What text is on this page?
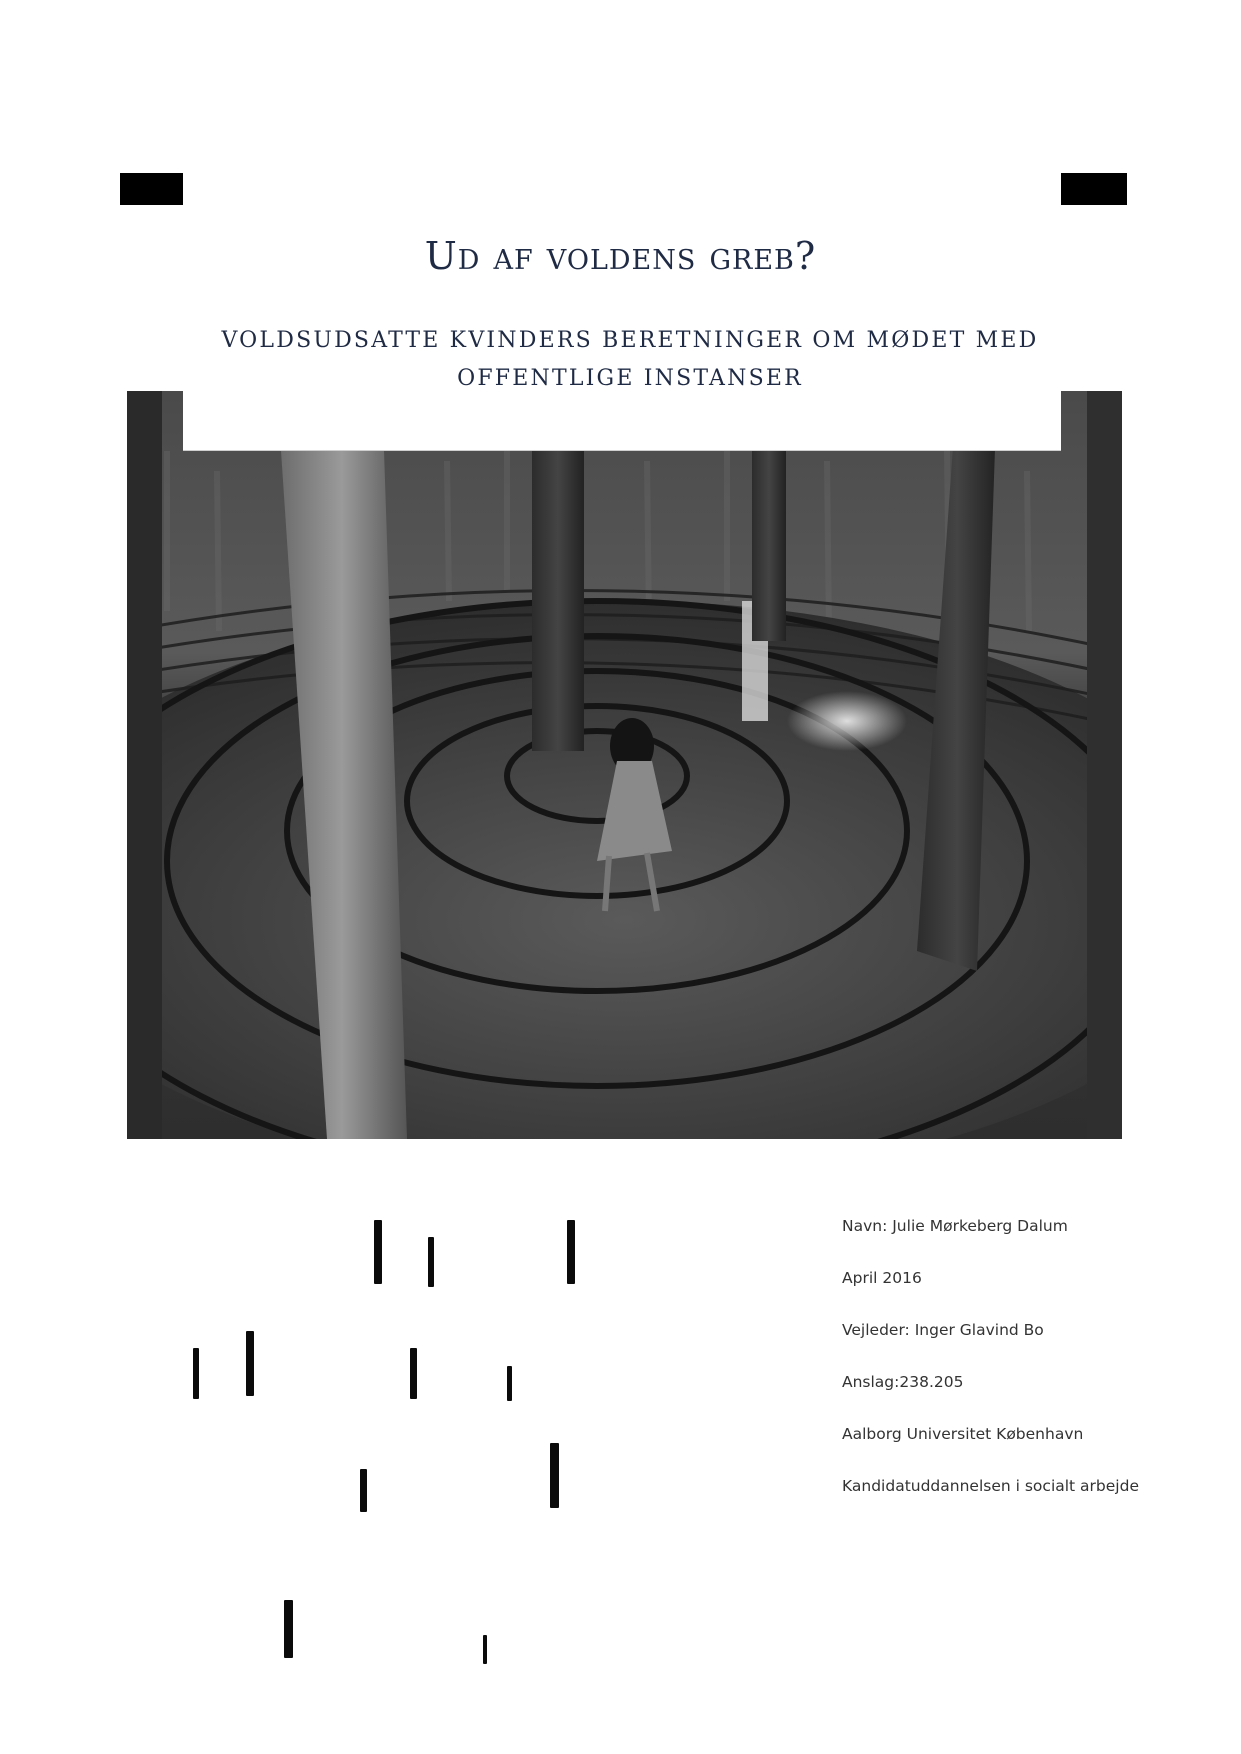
Ud af voldens greb?
VOLDSUDSATTE KVINDERS BERETNINGER OM MØDET MED
OFFENTLIGE INSTANSER
Navn: Julie Mørkeberg Dalum
April 2016
Vejleder: Inger Glavind Bo
Anslag:238.205
Aalborg Universitet København
Kandidatuddannelsen i socialt arbejde
